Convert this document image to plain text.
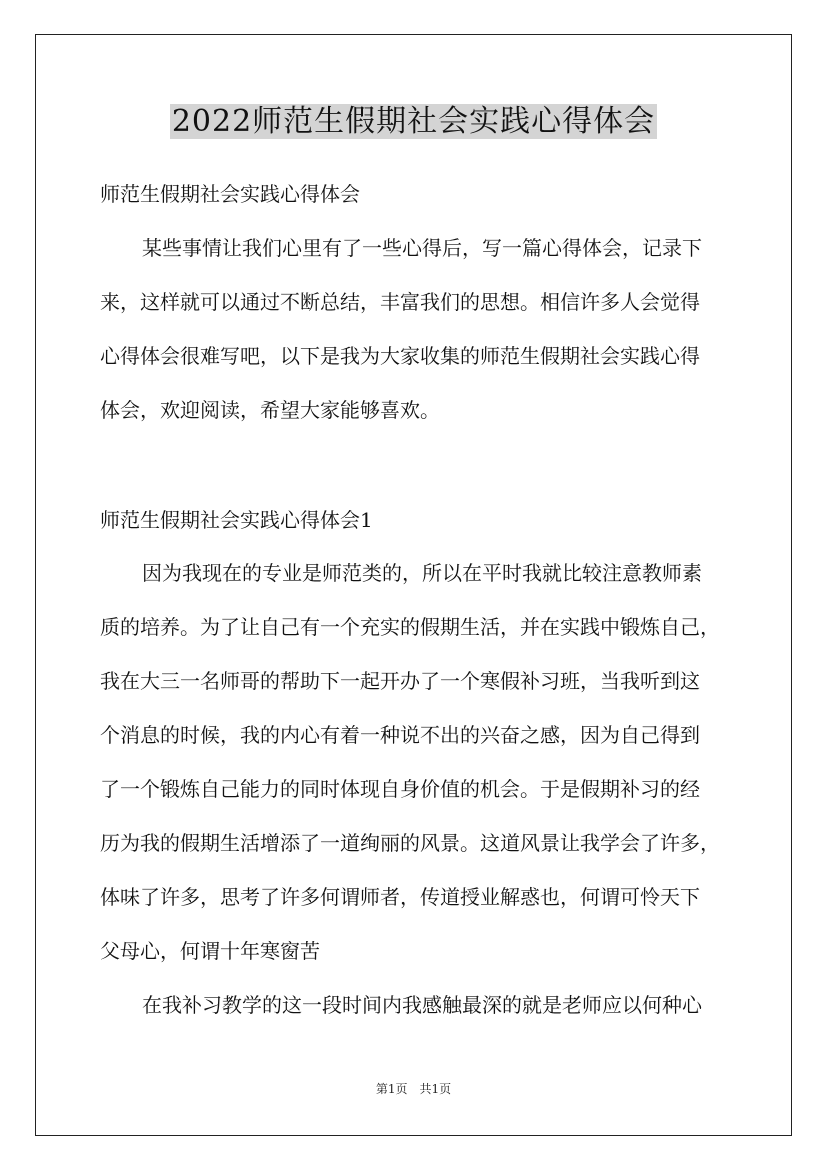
2022师范生假期社会实践心得体会
师范生假期社会实践心得体会
某些事情让我们心里有了一些心得后，写一篇心得体会，记录下
来，这样就可以通过不断总结，丰富我们的思想。相信许多人会觉得
心得体会很难写吧，以下是我为大家收集的师范生假期社会实践心得
体会，欢迎阅读，希望大家能够喜欢。
师范生假期社会实践心得体会1
因为我现在的专业是师范类的，所以在平时我就比较注意教师素
质的培养。为了让自己有一个充实的假期生活，并在实践中锻炼自己，
我在大三一名师哥的帮助下一起开办了一个寒假补习班，当我听到这
个消息的时候，我的内心有着一种说不出的兴奋之感，因为自己得到
了一个锻炼自己能力的同时体现自身价值的机会。于是假期补习的经
历为我的假期生活增添了一道绚丽的风景。这道风景让我学会了许多，
体味了许多，思考了许多何谓师者，传道授业解惑也，何谓可怜天下
父母心，何谓十年寒窗苦
在我补习教学的这一段时间内我感触最深的就是老师应以何种心
第1页　共1页
